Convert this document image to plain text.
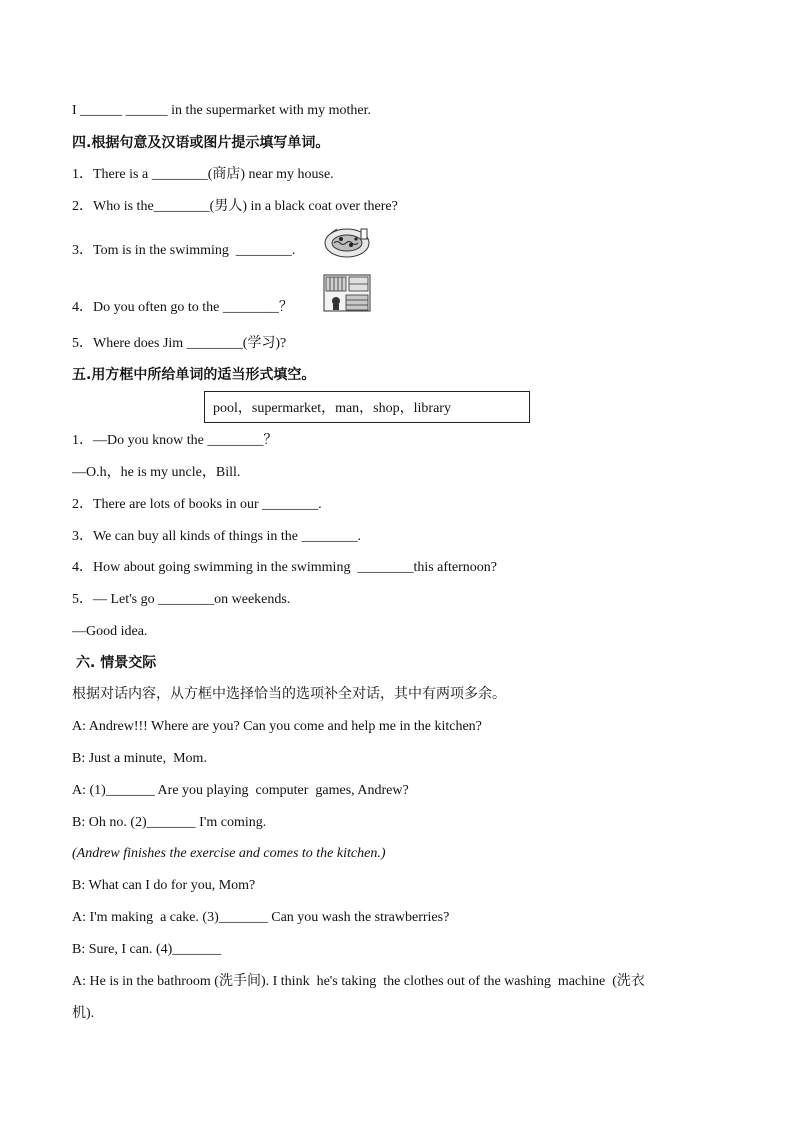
I ______ ______ in the supermarket with my mother.
四.根据句意及汉语或图片提示填写单词。
1．There is a ________(商店) near my house.
2．Who is the________(男人) in a black coat over there?
3．Tom is in the swimming  ________.
4．Do you often go to the ________？
5．Where does Jim ________(学习)?
五.用方框中所给单词的适当形式填空。
pool，supermarket，man，shop，library
1．—Do you know the ________？
—O.h，he is my uncle，Bill.
2．There are lots of books in our ________.
3．We can buy all kinds of things in the ________.
4．How about going swimming in the swimming  ________this afternoon?
5．— Let's go ________on weekends.
—Good idea.
六. 情景交际
根据对话内容，从方框中选择恰当的选项补全对话，其中有两项多余。
A: Andrew!!! Where are you? Can you come and help me in the kitchen?
B: Just a minute,  Mom.
A: (1)_______ Are you playing  computer  games, Andrew?
B: Oh no. (2)_______ I'm coming.
(Andrew finishes the exercise and comes to the kitchen.)
B: What can I do for you, Mom?
A: I'm making  a cake. (3)_______ Can you wash the strawberries?
B: Sure, I can. (4)_______
A: He is in the bathroom (洗手间). I think  he's taking  the clothes out of the washing  machine  (洗衣
机).
